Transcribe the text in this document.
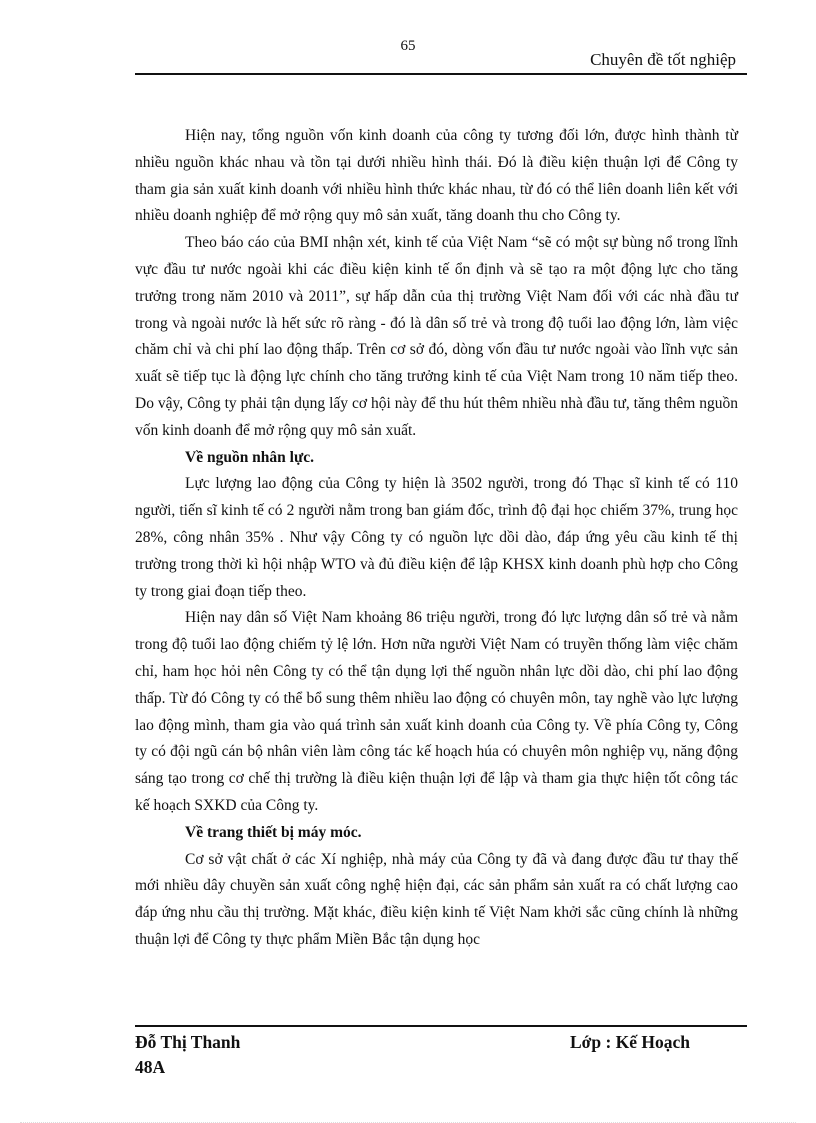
65
Chuyên đề tốt nghiệp

Hiện nay, tổng nguồn vốn kinh doanh của công ty tương đối lớn, được hình thành từ nhiều nguồn khác nhau và tồn tại dưới nhiều hình thái. Đó là điều kiện thuận lợi để Công ty tham gia sản xuất kinh doanh với nhiều hình thức khác nhau, từ đó có thể liên doanh liên kết với nhiều doanh nghiệp để mở rộng quy mô sản xuất, tăng doanh thu cho Công ty.

Theo báo cáo của BMI nhận xét, kinh tế của Việt Nam “sẽ có một sự bùng nổ trong lĩnh vực đầu tư nước ngoài khi các điều kiện kinh tế ổn định và sẽ tạo ra một động lực cho tăng trưởng trong năm 2010 và 2011”, sự hấp dẫn của thị trường Việt Nam đối với các nhà đầu tư trong và ngoài nước là hết sức rõ ràng - đó là dân số trẻ và trong độ tuổi lao động lớn, làm việc chăm chỉ và chi phí lao động thấp. Trên cơ sở đó, dòng vốn đầu tư nước ngoài vào lĩnh vực sản xuất sẽ tiếp tục là động lực chính cho tăng trưởng kinh tế của Việt Nam trong 10 năm tiếp theo. Do vậy, Công ty phải tận dụng lấy cơ hội này để thu hút thêm nhiều nhà đầu tư, tăng thêm nguồn vốn kinh doanh để mở rộng quy mô sản xuất.

Về nguồn nhân lực.

Lực lượng lao động của Công ty hiện là 3502 người, trong đó Thạc sĩ kinh tế có 110 người, tiến sĩ kinh tế có 2 người nằm trong ban giám đốc, trình độ đại học chiếm 37%, trung học 28%, công nhân 35% . Như vậy Công ty có nguồn lực dồi dào, đáp ứng yêu cầu kinh tế thị trường trong thời kì hội nhập WTO và đủ điều kiện để lập KHSX kinh doanh phù hợp cho Công ty trong giai đoạn tiếp theo.

Hiện nay dân số Việt Nam khoảng 86 triệu người, trong đó lực lượng dân số trẻ và nằm trong độ tuổi lao động chiếm tỷ lệ lớn. Hơn nữa người Việt Nam có truyền thống làm việc chăm chỉ, ham học hỏi nên Công ty có thể tận dụng lợi thế nguồn nhân lực dồi dào, chi phí lao động thấp. Từ đó Công ty có thể bổ sung thêm nhiều lao động có chuyên môn, tay nghề vào lực lượng lao động mình, tham gia vào quá trình sản xuất kinh doanh của Công ty. Về phía Công ty, Công ty có đội ngũ cán bộ nhân viên làm công tác kế hoạch húa có chuyên môn nghiệp vụ, năng động sáng tạo trong cơ chế thị trường là điều kiện thuận lợi để lập và tham gia thực hiện tốt công tác kế hoạch SXKD của Công ty.

Về trang thiết bị máy móc.

Cơ sở vật chất ở các Xí nghiệp, nhà máy của Công ty đã và đang được đầu tư thay thế mới nhiều dây chuyền sản xuất công nghệ hiện đại, các sản phẩm sản xuất ra có chất lượng cao đáp ứng nhu cầu thị trường. Mặt khác, điều kiện kinh tế Việt Nam khởi sắc cũng chính là những thuận lợi để Công ty thực phẩm Miền Bắc tận dụng học

Đỗ Thị Thanh
48A
Lớp : Kế Hoạch
